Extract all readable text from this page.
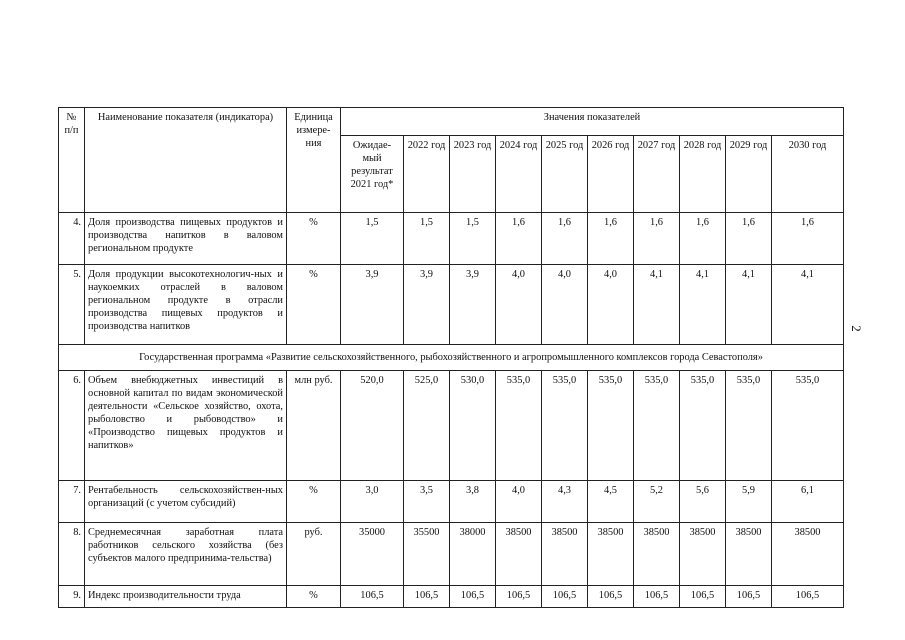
№ п/п	Наименование показателя (индикатора)	Единица измере-ния	Значения показателей									
			Ожидае-мый результат 2021 год*	2022 год	2023 год	2024 год	2025 год	2026 год	2027 год	2028 год	2029 год	2030 год
4.	Доля производства пищевых продуктов и производства напитков в валовом региональном продукте	%	1,5	1,5	1,5	1,6	1,6	1,6	1,6	1,6	1,6	1,6
5.	Доля продукции высокотехнологич-ных и наукоемких отраслей в валовом региональном продукте в отрасли производства пищевых продуктов и производства напитков	%	3,9	3,9	3,9	4,0	4,0	4,0	4,1	4,1	4,1	4,1
Государственная программа «Развитие сельскохозяйственного, рыбохозяйственного и агропромышленного комплексов города Севастополя»												
6.	Объем внебюджетных инвестиций в основной капитал по видам экономической деятельности «Сельское хозяйство, охота, рыболовство и рыбоводство» и «Производство пищевых продуктов и напитков»	млн руб.	520,0	525,0	530,0	535,0	535,0	535,0	535,0	535,0	535,0	535,0
7.	Рентабельность сельскохозяйствен-ных организаций (с учетом субсидий)	%	3,0	3,5	3,8	4,0	4,3	4,5	5,2	5,6	5,9	6,1
8.	Среднемесячная заработная плата работников сельского хозяйства (без субъектов малого предпринима-тельства)	руб.	35000	35500	38000	38500	38500	38500	38500	38500	38500	38500
9.	Индекс производительности труда	%	106,5	106,5	106,5	106,5	106,5	106,5	106,5	106,5	106,5	106,5
2
